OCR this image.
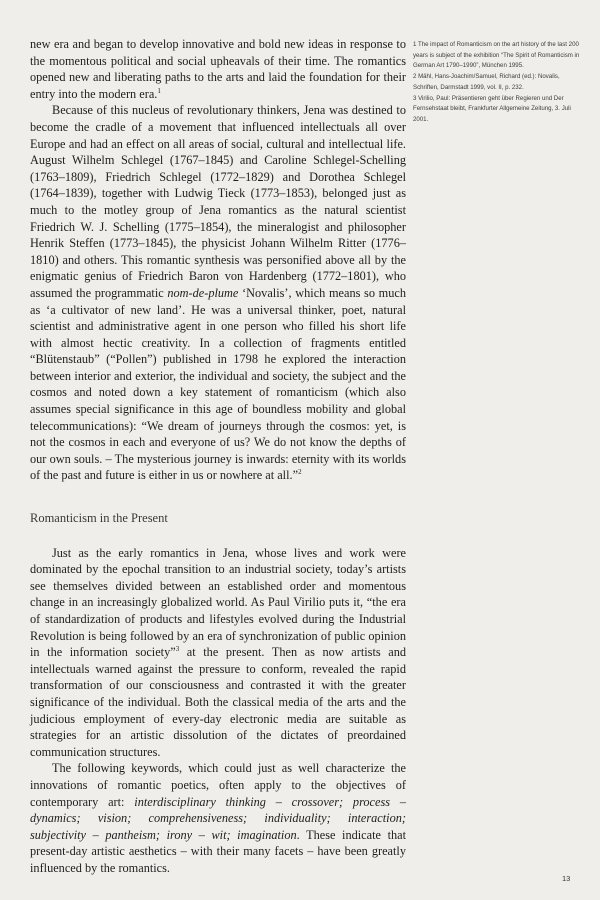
new era and began to develop innovative and bold new ideas in response to the momentous political and social upheavals of their time. The romantics opened new and liberating paths to the arts and laid the foundation for their entry into the modern era.$^1$

Because of this nucleus of revolutionary thinkers, Jena was destined to become the cradle of a movement that influenced intellectuals all over Europe and had an effect on all areas of social, cultural and intellectual life. August Wilhelm Schlegel (1767–1845) and Caroline Schlegel-Schelling (1763–1809), Friedrich Schlegel (1772–1829) and Dorothea Schlegel (1764–1839), together with Ludwig Tieck (1773–1853), belonged just as much to the motley group of Jena romantics as the natural scientist Friedrich W. J. Schelling (1775–1854), the mineralogist and philosopher Henrik Steffen (1773–1845), the physicist Johann Wilhelm Ritter (1776–1810) and others. This romantic synthesis was personified above all by the enigmatic genius of Friedrich Baron von Hardenberg (1772–1801), who assumed the programmatic nom-de-plume ‘Novalis’, which means so much as ‘a cultivator of new land’. He was a universal thinker, poet, natural scientist and administrative agent in one person who filled his short life with almost hectic creativity. In a collection of fragments entitled “Blütenstaub” (“Pollen”) published in 1798 he explored the interaction between interior and exterior, the individual and society, the subject and the cosmos and noted down a key statement of romanticism (which also assumes special significance in this age of boundless mobility and global telecommunications): “We dream of journeys through the cosmos: yet, is not the cosmos in each and everyone of us? We do not know the depths of our own souls. – The mysterious journey is inwards: eternity with its worlds of the past and future is either in us or nowhere at all.”$^2$

Romanticism in the Present

Just as the early romantics in Jena, whose lives and work were dominated by the epochal transition to an industrial society, today’s artists see themselves divided between an established order and momentous change in an increasingly globalized world. As Paul Virilio puts it, “the era of standardization of products and lifestyles evolved during the Industrial Revolution is being followed by an era of synchronization of public opinion in the information society”$^3$ at the present. Then as now artists and intellectuals warned against the pressure to conform, revealed the rapid transformation of our consciousness and contrasted it with the greater significance of the individual. Both the classical media of the arts and the judicious employment of every-day electronic media are suitable as strategies for an artistic dissolution of the dictates of preordained communication structures.

The following keywords, which could just as well characterize the innovations of romantic poetics, often apply to the objectives of contemporary art: interdisciplinary thinking – crossover; process – dynamics; vision; comprehensiveness; individuality; interaction; subjectivity – pantheism; irony – wit; imagination. These indicate that present-day artistic aesthetics – with their many facets – have been greatly influenced by the romantics.

1 The impact of Romanticism on the art history of the last 200 years is subject of the exhibition “The Spirit of Romanticism in German Art 1790–1990”, München 1995.

2 Mähl, Hans-Joachim/Samuel, Richard (ed.): Novalis, Schriften, Darmstadt 1999, vol. II, p. 232.

3 Virilio, Paul: Präsentieren geht über Regieren und Der Fernsehstaat bleibt, Frankfurter Allgemeine Zeitung, 3. Juli 2001.

13
